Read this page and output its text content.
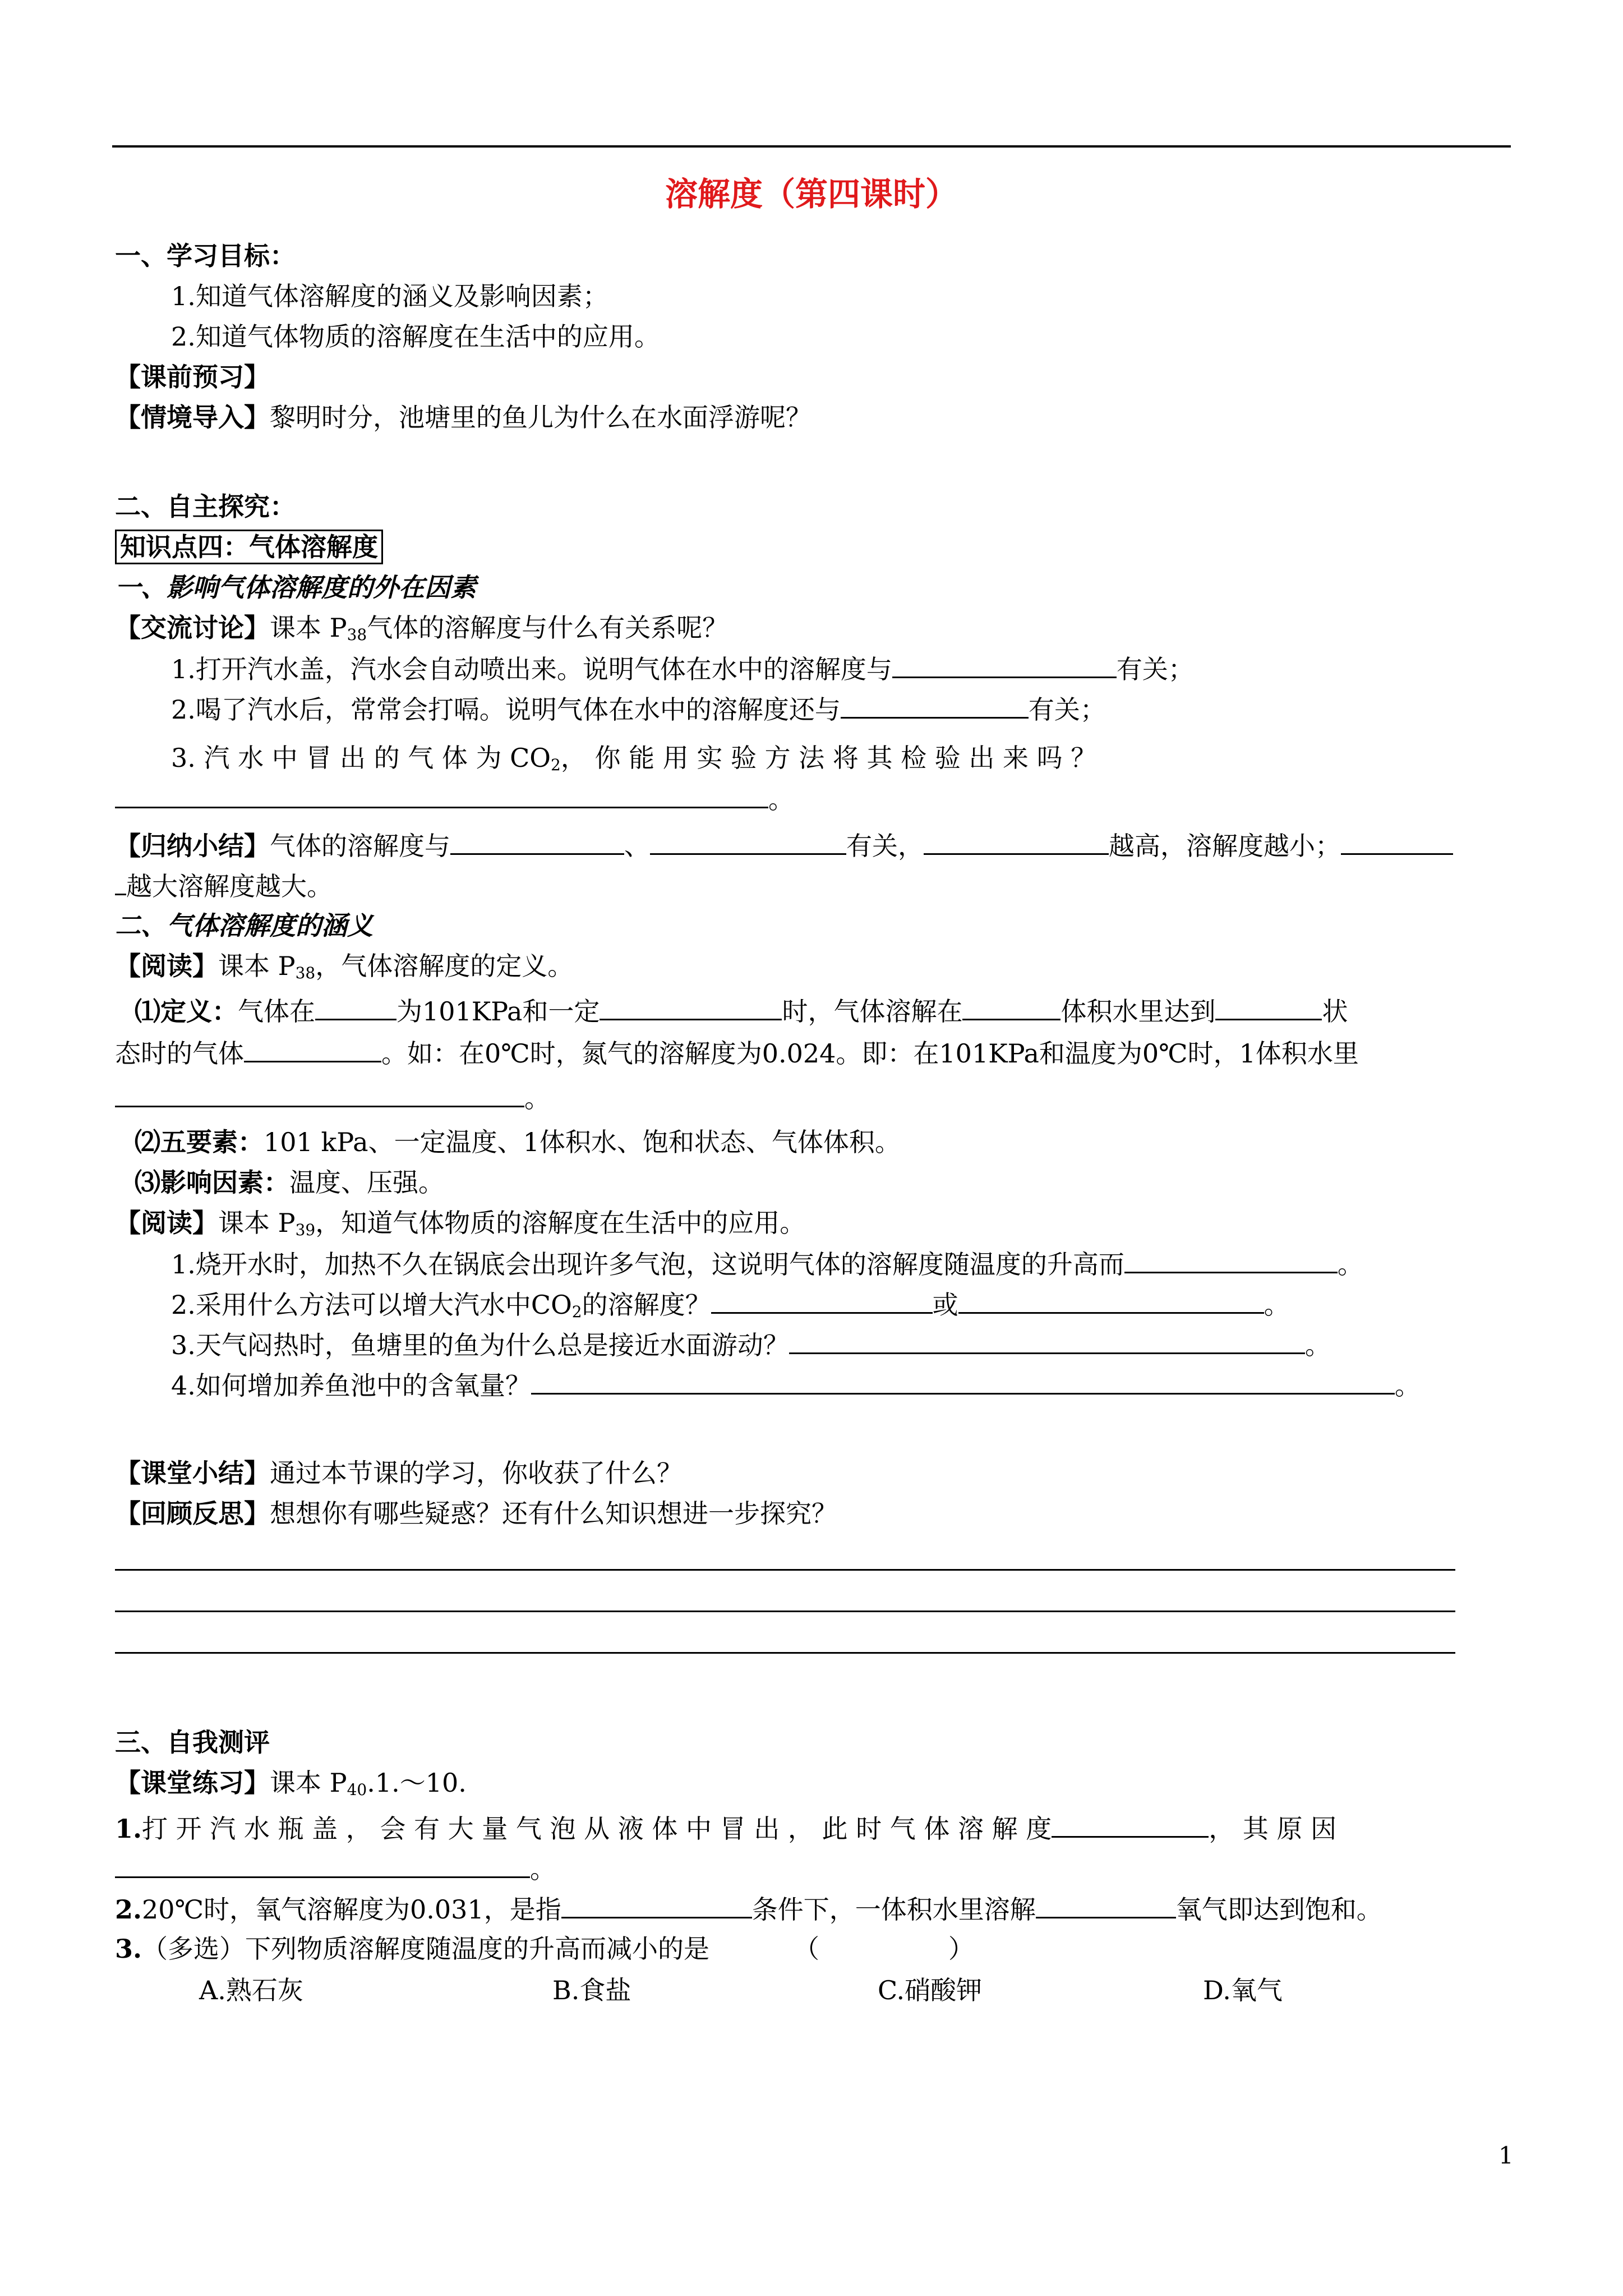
溶解度（第四课时）
一、学习目标：
1.知道气体溶解度的涵义及影响因素；
2.知道气体物质的溶解度在生活中的应用。
【课前预习】
【情境导入】黎明时分，池塘里的鱼儿为什么在水面浮游呢？
二、自主探究：
知识点四：气体溶解度
一、影响气体溶解度的外在因素
【交流讨论】课本 $P_{38}$气体的溶解度与什么有关系呢？
1.打开汽水盖，汽水会自动喷出来。说明气体在水中的溶解度与	有关；
2.喝了汽水后，常常会打嗝。说明气体在水中的溶解度还与	有关；
3. 汽 水 中 冒 出 的 气 体 为 $CO_2$， 你 能 用 实 验 方 法 将 其 检 验 出 来 吗 ？
。
【归纳小结】气体的溶解度与	、	有关，	越高，溶解度越小；
越大溶解度越大。
二、气体溶解度的涵义
【阅读】课本 $P_{38}$，气体溶解度的定义。
⑴定义：气体在	为101KPa和一定	时，气体溶解在	体积水里达到	状
态时的气体	。如：在0℃时，氮气的溶解度为0.024。即：在101KPa和温度为0℃时，1体积水里
。
⑵五要素：101 kPa、一定温度、1体积水、饱和状态、气体体积。
⑶影响因素：温度、压强。
【阅读】课本 $P_{39}$，知道气体物质的溶解度在生活中的应用。
1.烧开水时，加热不久在锅底会出现许多气泡，这说明气体的溶解度随温度的升高而	。
2.采用什么方法可以增大汽水中$CO_2$的溶解度？	或	。
3.天气闷热时，鱼塘里的鱼为什么总是接近水面游动？	。
4.如何增加养鱼池中的含氧量？	。
【课堂小结】通过本节课的学习，你收获了什么？
【回顾反思】想想你有哪些疑惑？还有什么知识想进一步探究？
三、自我测评
【课堂练习】课本 $P_{40}.1.\sim 10$.
1.打 开 汽 水 瓶 盖 ， 会 有 大 量 气 泡 从 液 体 中 冒 出 ， 此 时 气 体 溶 解 度	， 其 原 因
。
2.20℃时，氧气溶解度为0.031，是指	条件下，一体积水里溶解	氧气即达到饱和。
3.（多选）下列物质溶解度随温度的升高而减小的是	（　　　　　）
A.熟石灰	B.食盐	C.硝酸钾	D.氧气
1
